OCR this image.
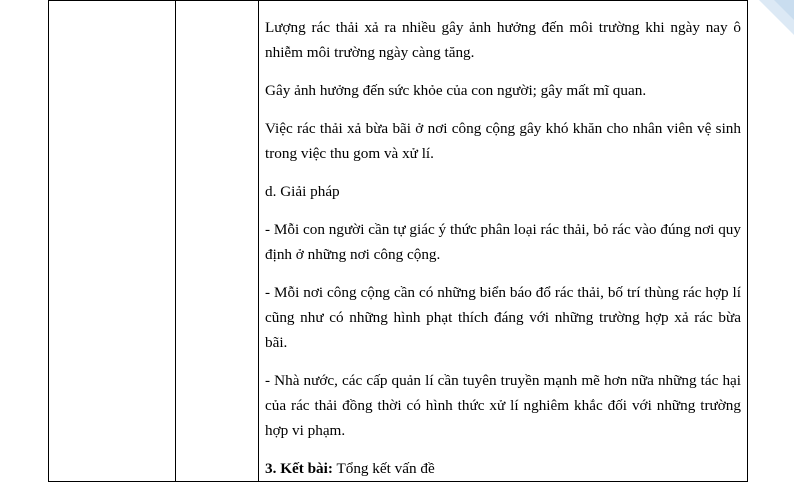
Lượng rác thải xả ra nhiều gây ảnh hưởng đến môi trường khi ngày nay ô nhiễm môi trường ngày càng tăng.

Gây ảnh hưởng đến sức khỏe của con người; gây mất mĩ quan.

Việc rác thải xả bừa bãi ở nơi công cộng gây khó khăn cho nhân viên vệ sinh trong việc thu gom và xử lí.

d. Giải pháp

- Mỗi con người cần tự giác ý thức phân loại rác thải, bỏ rác vào đúng nơi quy định ở những nơi công cộng.

- Mỗi nơi công cộng cần có những biển báo đổ rác thải, bố trí thùng rác hợp lí cũng như có những hình phạt thích đáng với những trường hợp xả rác bừa bãi.

- Nhà nước, các cấp quản lí cần tuyên truyền mạnh mẽ hơn nữa những tác hại của rác thải đồng thời có hình thức xử lí nghiêm khắc đối với những trường hợp vi phạm.

3. Kết bài: Tổng kết vấn đề
